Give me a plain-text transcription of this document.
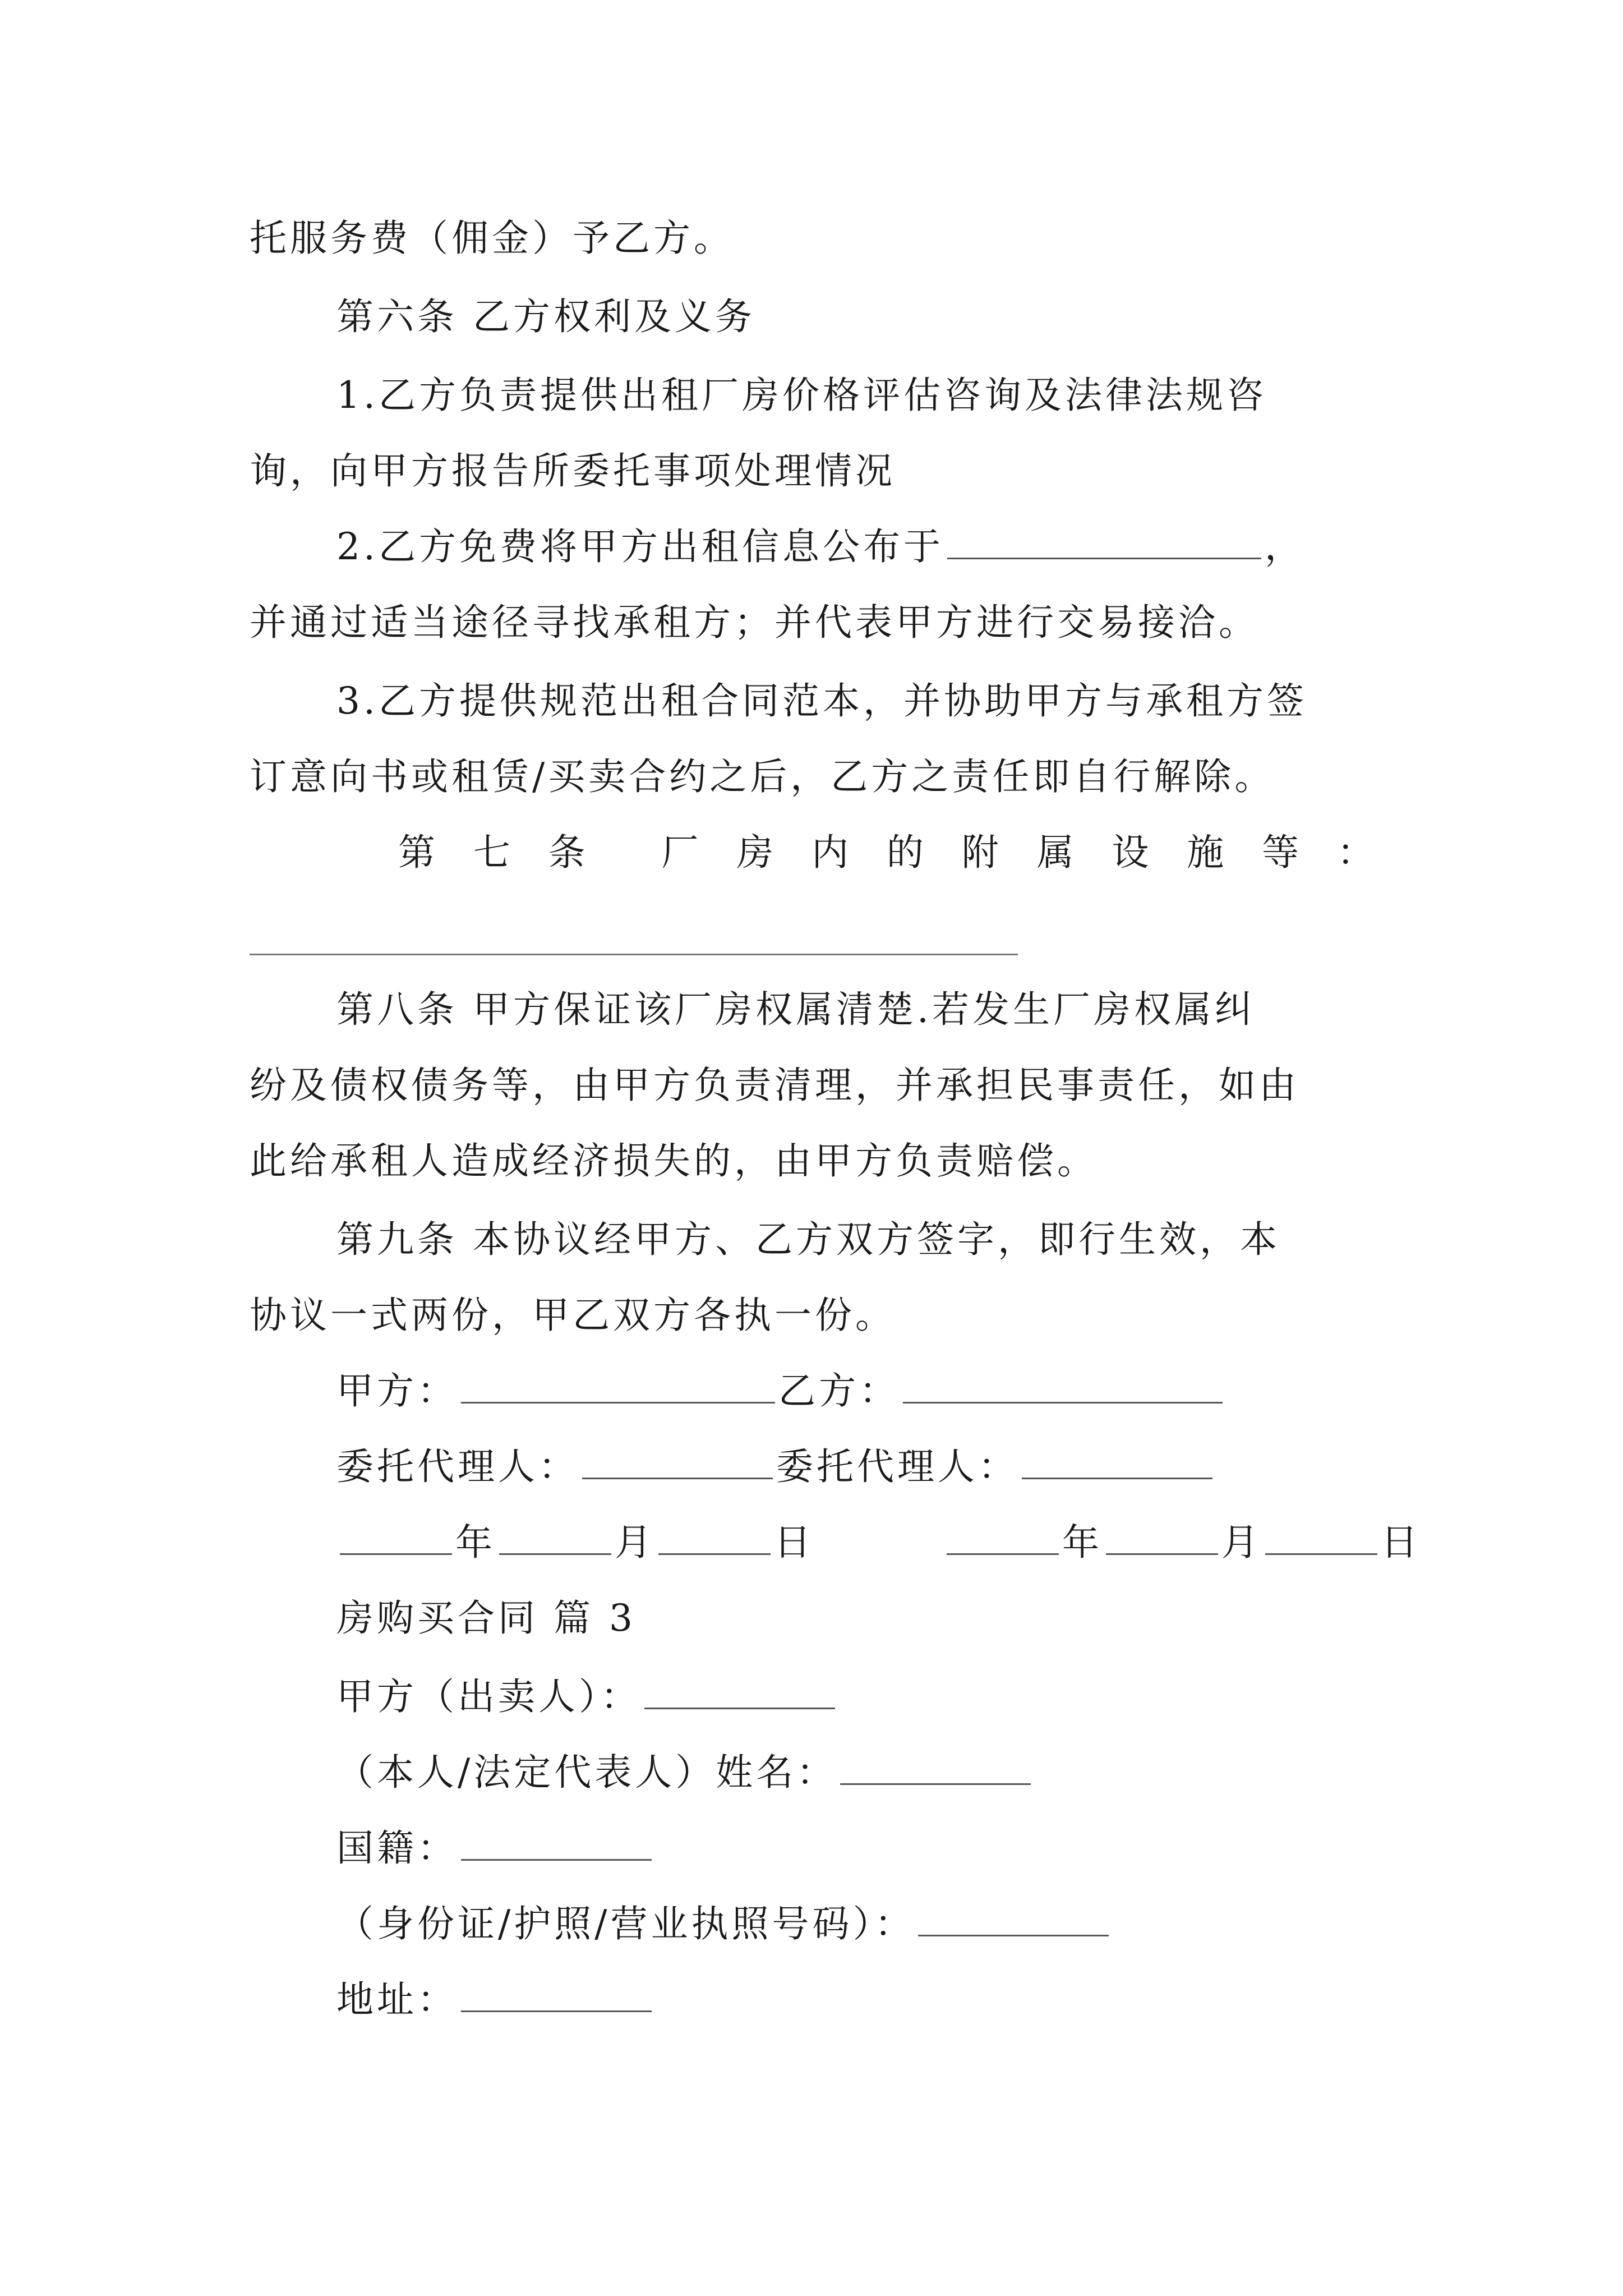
托服务费（佣金）予乙方。
第六条 乙方权利及义务
1.乙方负责提供出租厂房价格评估咨询及法律法规咨
询，向甲方报告所委托事项处理情况
2.乙方免费将甲方出租信息公布于	，
并通过适当途径寻找承租方；并代表甲方进行交易接洽。
3.乙方提供规范出租合同范本，并协助甲方与承租方签
订意向书或租赁/买卖合约之后，乙方之责任即自行解除。
第 七 条 厂 房 内 的 附 属 设 施 等 ：
第八条 甲方保证该厂房权属清楚.若发生厂房权属纠
纷及债权债务等，由甲方负责清理，并承担民事责任，如由
此给承租人造成经济损失的，由甲方负责赔偿。
第九条 本协议经甲方、乙方双方签字，即行生效，本
协议一式两份，甲乙双方各执一份。
甲方：	乙方：
委托代理人：	委托代理人：
年	月	日	年	月	日
房购买合同 篇 3
甲方（出卖人）：
（本人/法定代表人）姓名：
国籍：
（身份证/护照/营业执照号码）：
地址：
